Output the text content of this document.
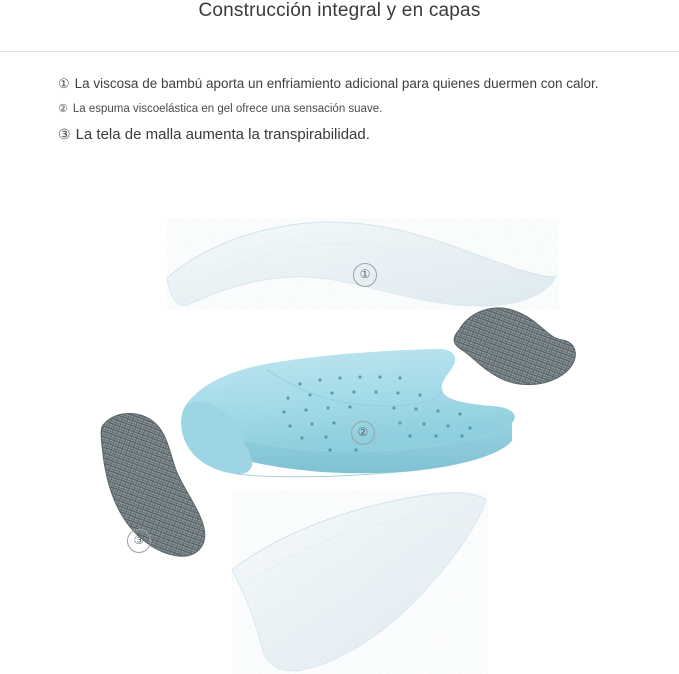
Construcción integral y en capas
① La viscosa de bambú aporta un enfriamiento adicional para quienes duermen con calor.
② La espuma viscoelástica en gel ofrece una sensación suave.
③ La tela de malla aumenta la transpirabilidad.
①
②
③
